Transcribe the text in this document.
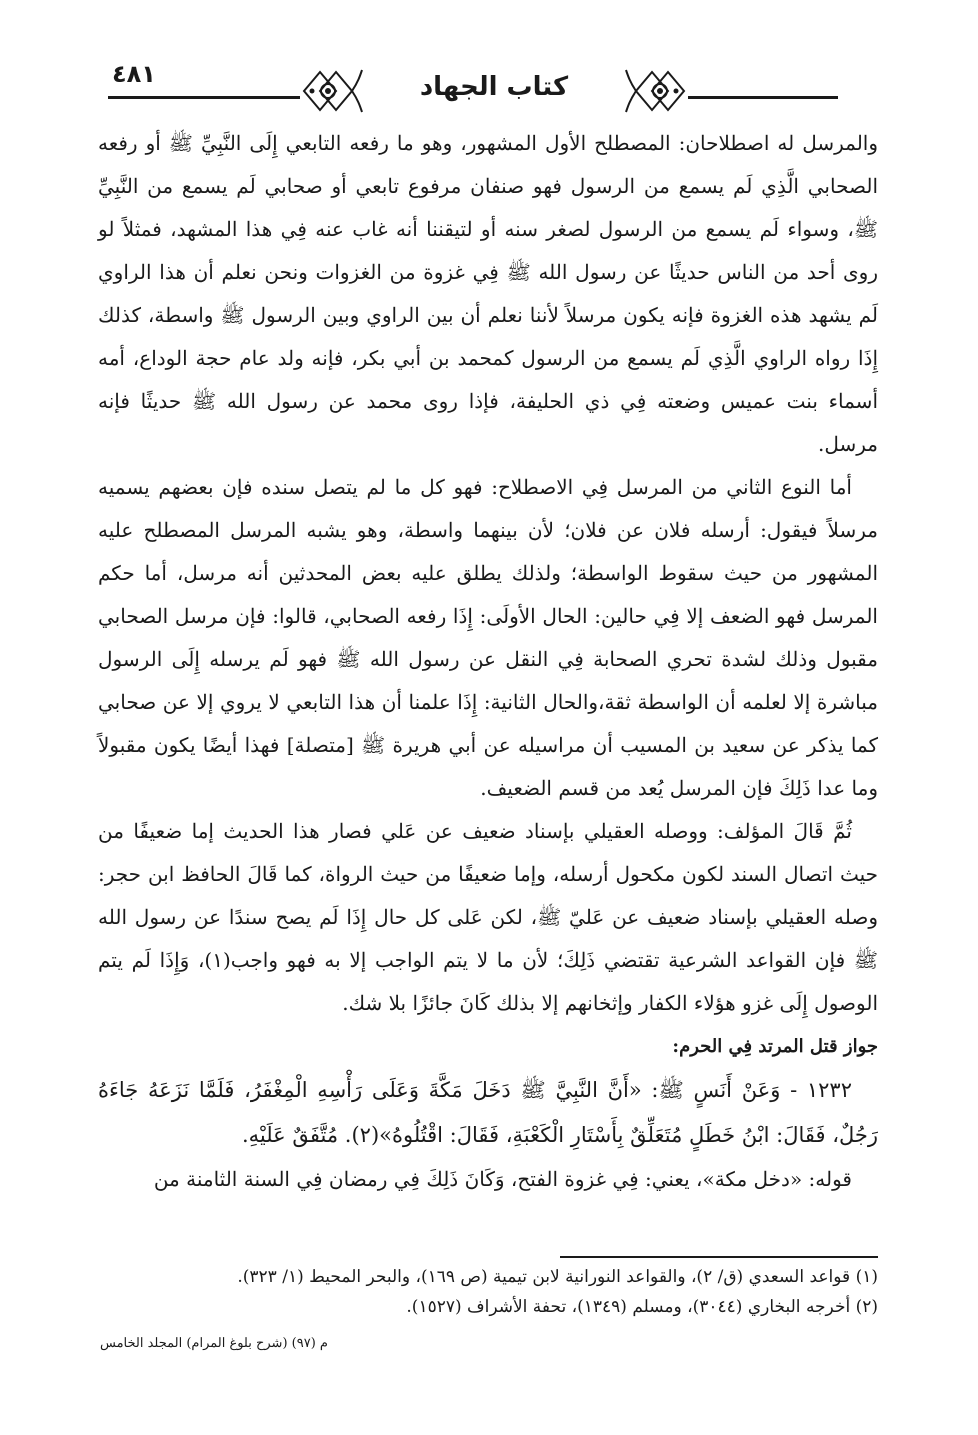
٤٨١	كتاب الجهاد

والمرسل له اصطلاحان: المصطلح الأول المشهور، وهو ما رفعه التابعي إِلَى النَّبِيِّ ﷺ أو رفعه الصحابي الَّذِي لَم يسمع من الرسول فهو صنفان مرفوع تابعي أو صحابي لَم يسمع من النَّبِيِّ ﷺ، وسواء لَم يسمع من الرسول لصغر سنه أو لتيقننا أنه غاب عنه فِي هذا المشهد، فمثلاً لو روى أحد من الناس حديثًا عن رسول الله ﷺ فِي غزوة من الغزوات ونحن نعلم أن هذا الراوي لَم يشهد هذه الغزوة فإنه يكون مرسلاً لأننا نعلم أن بين الراوي وبين الرسول ﷺ واسطة، كذلك إِذَا رواه الراوي الَّذِي لَم يسمع من الرسول كمحمد بن أبي بكر، فإنه ولد عام حجة الوداع، أمه أسماء بنت عميس وضعته فِي ذي الحليفة، فإذا روى محمد عن رسول الله ﷺ حديثًا فإنه مرسل.

أما النوع الثاني من المرسل فِي الاصطلاح: فهو كل ما لم يتصل سنده فإن بعضهم يسميه مرسلاً فيقول: أرسله فلان عن فلان؛ لأن بينهما واسطة، وهو يشبه المرسل المصطلح عليه المشهور من حيث سقوط الواسطة؛ ولذلك يطلق عليه بعض المحدثين أنه مرسل، أما حكم المرسل فهو الضعف إلا فِي حالين: الحال الأولَى: إِذَا رفعه الصحابي، قالوا: فإن مرسل الصحابي مقبول وذلك لشدة تحري الصحابة فِي النقل عن رسول الله ﷺ فهو لَم يرسله إِلَى الرسول مباشرة إلا لعلمه أن الواسطة ثقة،والحال الثانية: إِذَا علمنا أن هذا التابعي لا يروي إلا عن صحابي كما يذكر عن سعيد بن المسيب أن مراسيله عن أبي هريرة ﷺ [متصلة] فهذا أيضًا يكون مقبولاً وما عدا ذَلِكَ فإن المرسل يُعد من قسم الضعيف.

ثُمَّ قَالَ المؤلف: ووصله العقيلي بإسناد ضعيف عن عَلي فصار هذا الحديث إما ضعيفًا من حيث اتصال السند لكون مكحول أرسله، وإما ضعيفًا من حيث الرواة، كما قَالَ الحافظ ابن حجر: وصله العقيلي بإسناد ضعيف عن عَليّ ﷺ، لكن عَلى كل حال إِذَا لَم يصح سندًا عن رسول الله ﷺ فإن القواعد الشرعية تقتضي ذَلِكَ؛ لأن ما لا يتم الواجب إلا به فهو واجب(١)، وَإِذَا لَم يتم الوصول إِلَى غزو هؤلاء الكفار وإثخانهم إلا بذلك كَانَ جائزًا بلا شك.

جواز قتل المرتد فِي الحرم:

١٢٣٢ - وَعَنْ أَنَسٍ ﷺ: «أَنَّ النَّبِيَّ ﷺ دَخَلَ مَكَّةَ وَعَلَى رَأْسِهِ الْمِغْفَرُ، فَلَمَّا نَزَعَهُ جَاءَهُ رَجُلٌ، فَقَالَ: ابْنُ خَطَلٍ مُتَعَلِّقٌ بِأَسْتَارِ الْكَعْبَةِ، فَقَالَ: اقْتُلُوهُ»(٢). مُتَّفَقٌ عَلَيْهِ.

قوله: «دخل مكة»، يعني: فِي غزوة الفتح، وَكَانَ ذَلِكَ فِي رمضان فِي السنة الثامنة من

(١) قواعد السعدي (ق/ ٢)، والقواعد النورانية لابن تيمية (ص ١٦٩)، والبحر المحيط (١/ ٣٢٣).

(٢) أخرجه البخاري (٣٠٤٤)، ومسلم (١٣٤٩)، تحفة الأشراف (١٥٢٧).

م (٩٧) (شرح بلوغ المرام) المجلد الخامس
